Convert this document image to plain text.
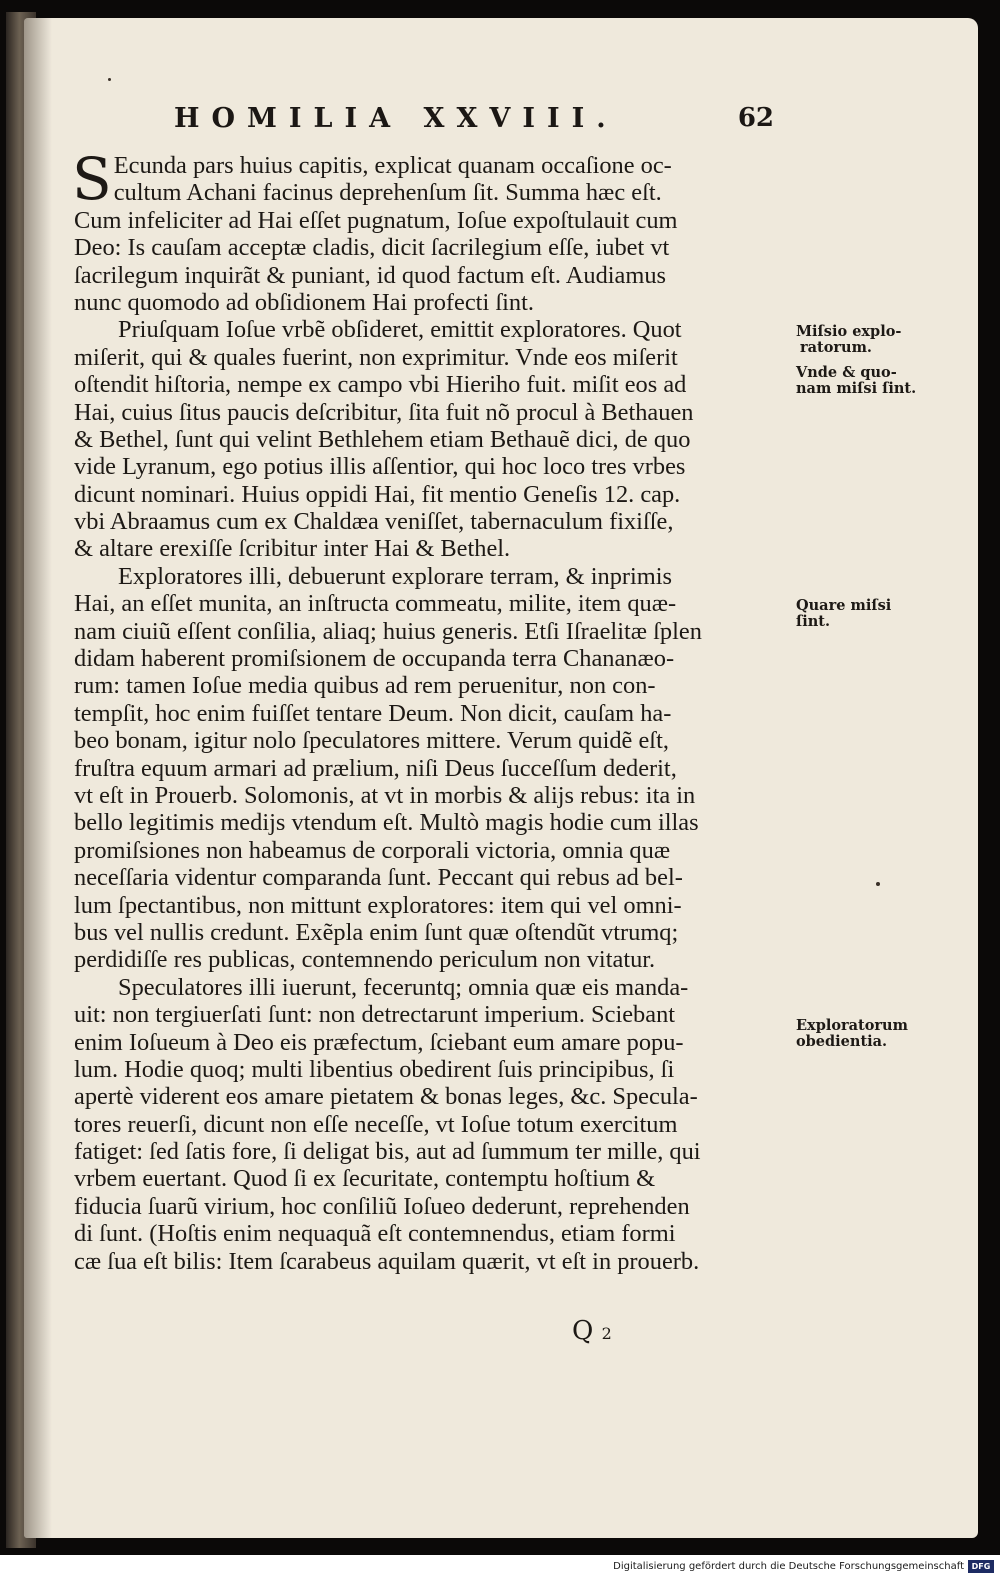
HOMILIA XXVIII.	62
S Ecunda pars huius capitis, explicat quanam occaſione oc-
cultum Achani facinus deprehenſum ſit. Summa hæc eſt.
Cum infeliciter ad Hai eſſet pugnatum, Ioſue expoſtulauit cum
Deo: Is cauſam acceptæ cladis, dicit ſacrilegium eſſe, iubet vt
ſacrilegum inquirãt & puniant, id quod factum eſt. Audiamus
nunc quomodo ad obſidionem Hai profecti ſint.
Priuſquam Ioſue vrbẽ obſideret, emittit exploratores. Quot
miſerit, qui & quales fuerint, non exprimitur. Vnde eos miſerit
oſtendit hiſtoria, nempe ex campo vbi Hieriho fuit. miſit eos ad
Hai, cuius ſitus paucis deſcribitur, ſita fuit nõ procul à Bethauen
& Bethel, ſunt qui velint Bethlehem etiam Bethauẽ dici, de quo
vide Lyranum, ego potius illis aſſentior, qui hoc loco tres vrbes
dicunt nominari. Huius oppidi Hai, fit mentio Geneſis 12. cap.
vbi Abraamus cum ex Chaldæa veniſſet, tabernaculum fixiſſe,
& altare erexiſſe ſcribitur inter Hai & Bethel.
Exploratores illi, debuerunt explorare terram, & inprimis
Hai, an eſſet munita, an inſtructa commeatu, milite, item quæ-
nam ciuiũ eſſent conſilia, aliaq; huius generis. Etſi Iſraelitæ ſplen
didam haberent promiſsionem de occupanda terra Chananæo-
rum: tamen Ioſue media quibus ad rem peruenitur, non con-
tempſit, hoc enim fuiſſet tentare Deum. Non dicit, cauſam ha-
beo bonam, igitur nolo ſpeculatores mittere. Verum quidẽ eſt,
fruſtra equum armari ad prælium, niſi Deus ſucceſſum dederit,
vt eſt in Prouerb. Solomonis, at vt in morbis & alijs rebus: ita in
bello legitimis medijs vtendum eſt. Multò magis hodie cum illas
promiſsiones non habeamus de corporali victoria, omnia quæ
neceſſaria videntur comparanda ſunt. Peccant qui rebus ad bel-
lum ſpectantibus, non mittunt exploratores: item qui vel omni-
bus vel nullis credunt. Exẽpla enim ſunt quæ oſtendũt vtrumq;
perdidiſſe res publicas, contemnendo periculum non vitatur.
Speculatores illi iuerunt, feceruntq; omnia quæ eis manda-
uit: non tergiuerſati ſunt: non detrectarunt imperium. Sciebant
enim Ioſueum à Deo eis præfectum, ſciebant eum amare popu-
lum. Hodie quoq; multi libentius obedirent ſuis principibus, ſi
apertè viderent eos amare pietatem & bonas leges, &c. Specula-
tores reuerſi, dicunt non eſſe neceſſe, vt Ioſue totum exercitum
fatiget: ſed ſatis fore, ſi deligat bis, aut ad ſummum ter mille, qui
vrbem euertant. Quod ſi ex ſecuritate, contemptu hoſtium &
fiducia ſuarũ virium, hoc conſiliũ Ioſueo dederunt, reprehenden
di ſunt. (Hoſtis enim nequaquã eſt contemnendus, etiam formi
cæ ſua eſt bilis: Item ſcarabeus aquilam quærit, vt eſt in prouerb.
Miſsio explo-
ratorum.
Vnde & quo-
nam miſsi ſint.
Quare miſsi
ſint.
Exploratorum
obedientia.
Q 2
Digitalisierung gefördert durch die Deutsche Forschungsgemeinschaft DFG
